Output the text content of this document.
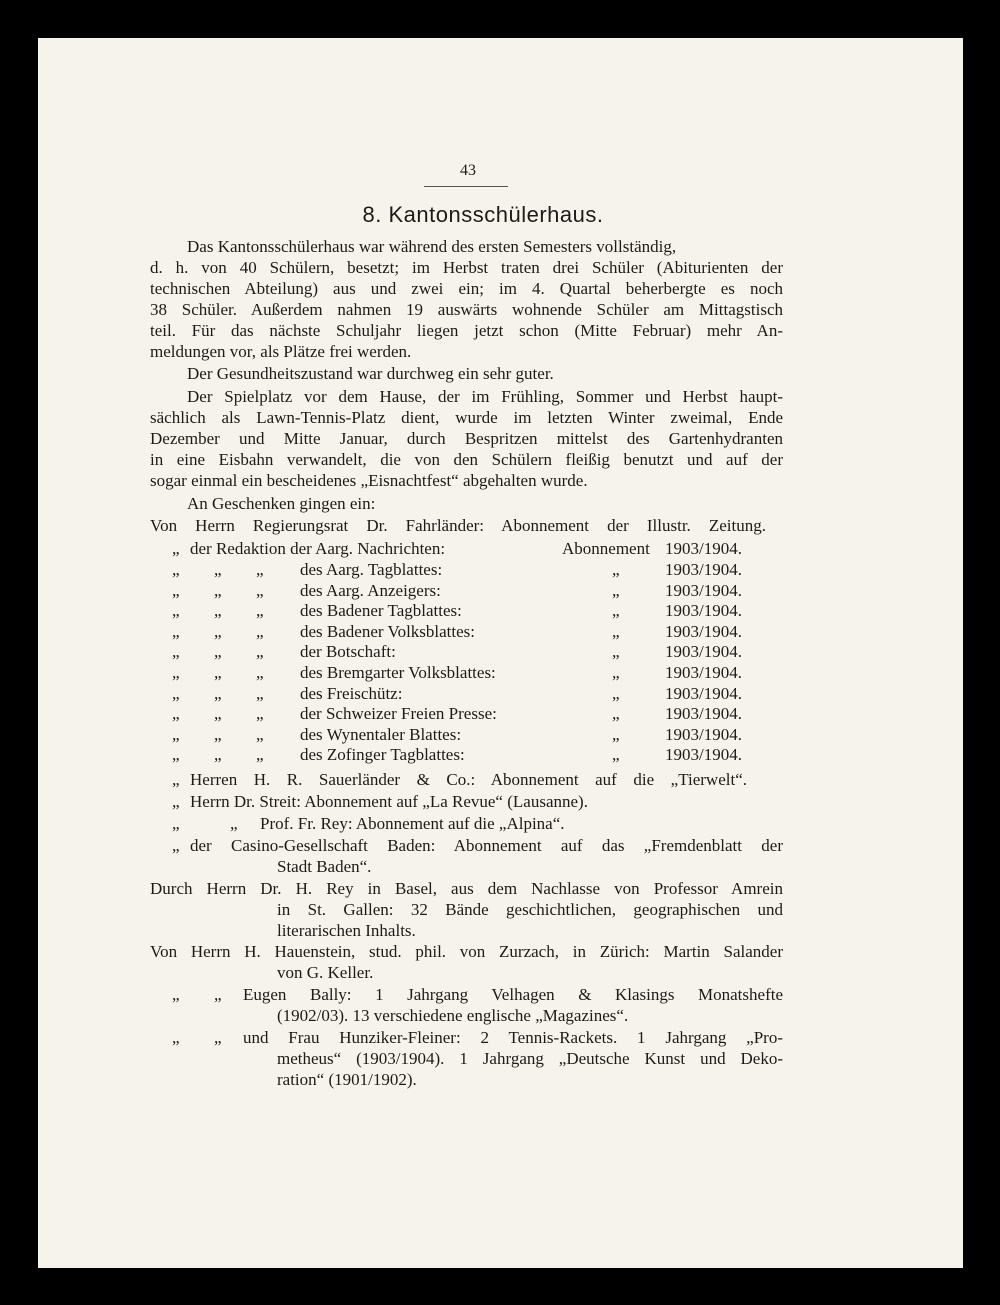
43
8. Kantonsschülerhaus.
Das Kantonsschülerhaus war während des ersten Semesters vollständig,
d. h. von 40 Schülern, besetzt; im Herbst traten drei Schüler (Abiturienten der
technischen Abteilung) aus und zwei ein; im 4. Quartal beherbergte es noch
38 Schüler. Außerdem nahmen 19 auswärts wohnende Schüler am Mittagstisch
teil. Für das nächste Schuljahr liegen jetzt schon (Mitte Februar) mehr An-
meldungen vor, als Plätze frei werden.
Der Gesundheitszustand war durchweg ein sehr guter.
Der Spielplatz vor dem Hause, der im Frühling, Sommer und Herbst haupt-
sächlich als Lawn-Tennis-Platz dient, wurde im letzten Winter zweimal, Ende
Dezember und Mitte Januar, durch Bespritzen mittelst des Gartenhydranten
in eine Eisbahn verwandelt, die von den Schülern fleißig benutzt und auf der
sogar einmal ein bescheidenes „Eisnachtfest“ abgehalten wurde.
An Geschenken gingen ein:
Von Herrn Regierungsrat Dr. Fahrländer: Abonnement der Illustr. Zeitung.
„ der Redaktion der Aarg. Nachrichten:	Abonnement 1903/1904.
„ „ „ des Aarg. Tagblattes:	„	1903/1904.
„ „ „ des Aarg. Anzeigers:	„	1903/1904.
„ „ „ des Badener Tagblattes:	„	1903/1904.
„ „ „ des Badener Volksblattes:	„	1903/1904.
„ „ „ der Botschaft:	„	1903/1904.
„ „ „ des Bremgarter Volksblattes:	„	1903/1904.
„ „ „ des Freischütz:	„	1903/1904.
„ „ „ der Schweizer Freien Presse:	„	1903/1904.
„ „ „ des Wynentaler Blattes:	„	1903/1904.
„ „ „ des Zofinger Tagblattes:	„	1903/1904.
„ Herren H. R. Sauerländer & Co.: Abonnement auf die „Tierwelt“.
„ Herrn Dr. Streit: Abonnement auf „La Revue“ (Lausanne).
„	„ Prof. Fr. Rey: Abonnement auf die „Alpina“.
„ der Casino-Gesellschaft Baden: Abonnement auf das „Fremdenblatt der
Stadt Baden“.
Durch Herrn Dr. H. Rey in Basel, aus dem Nachlasse von Professor Amrein
in St. Gallen: 32 Bände geschichtlichen, geographischen und
literarischen Inhalts.
Von Herrn H. Hauenstein, stud. phil. von Zurzach, in Zürich: Martin Salander
von G. Keller.
„ „ Eugen Bally: 1 Jahrgang Velhagen & Klasings Monatshefte
(1902/03). 13 verschiedene englische „Magazines“.
„ „ und Frau Hunziker-Fleiner: 2 Tennis-Rackets. 1 Jahrgang „Pro-
metheus“ (1903/1904). 1 Jahrgang „Deutsche Kunst und Deko-
ration“ (1901/1902).
